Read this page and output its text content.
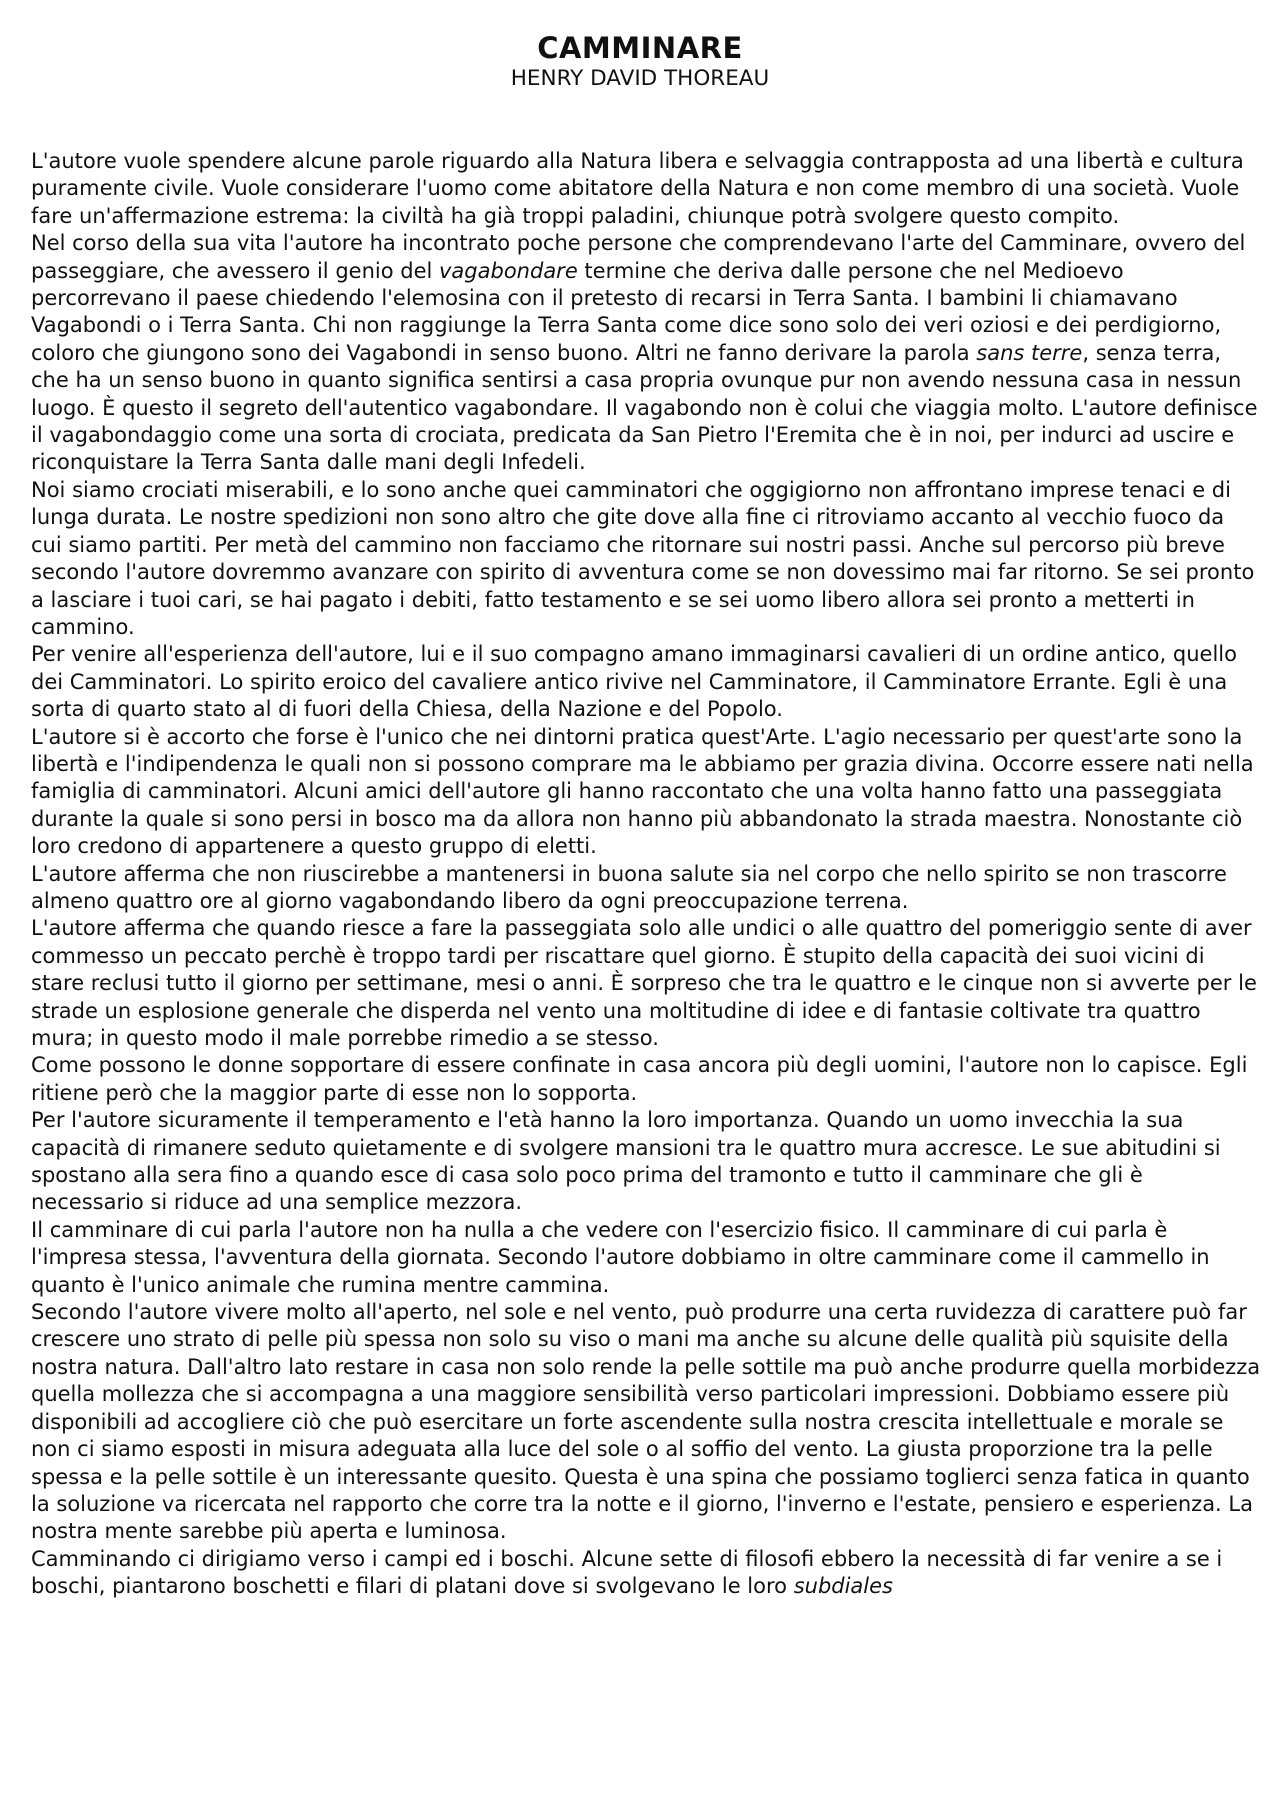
CAMMINARE
HENRY DAVID THOREAU

L'autore vuole spendere alcune parole riguardo alla Natura libera e selvaggia contrapposta ad una libertà e cultura puramente civile. Vuole considerare l'uomo come abitatore della Natura e non come membro di una società. Vuole fare un'affermazione estrema: la civiltà ha già troppi paladini, chiunque potrà svolgere questo compito.

Nel corso della sua vita l'autore ha incontrato poche persone che comprendevano l'arte del Camminare, ovvero del passeggiare, che avessero il genio del vagabondare termine che deriva dalle persone che nel Medioevo percorrevano il paese chiedendo l'elemosina con il pretesto di recarsi in Terra Santa. I bambini li chiamavano Vagabondi o i Terra Santa. Chi non raggiunge la Terra Santa come dice sono solo dei veri oziosi e dei perdigiorno, coloro che giungono sono dei Vagabondi in senso buono. Altri ne fanno derivare la parola sans terre, senza terra, che ha un senso buono in quanto significa sentirsi a casa propria ovunque pur non avendo nessuna casa in nessun luogo. È questo il segreto dell'autentico vagabondare. Il vagabondo non è colui che viaggia molto. L'autore definisce il vagabondaggio come una sorta di crociata, predicata da San Pietro l'Eremita che è in noi, per indurci ad uscire e riconquistare la Terra Santa dalle mani degli Infedeli.

Noi siamo crociati miserabili, e lo sono anche quei camminatori che oggigiorno non affrontano imprese tenaci e di lunga durata. Le nostre spedizioni non sono altro che gite dove alla fine ci ritroviamo accanto al vecchio fuoco da cui siamo partiti. Per metà del cammino non facciamo che ritornare sui nostri passi. Anche sul percorso più breve secondo l'autore dovremmo avanzare con spirito di avventura come se non dovessimo mai far ritorno. Se sei pronto a lasciare i tuoi cari, se hai pagato i debiti, fatto testamento e se sei uomo libero allora sei pronto a metterti in cammino.

Per venire all'esperienza dell'autore, lui e il suo compagno amano immaginarsi cavalieri di un ordine antico, quello dei Camminatori. Lo spirito eroico del cavaliere antico rivive nel Camminatore, il Camminatore Errante. Egli è una sorta di quarto stato al di fuori della Chiesa, della Nazione e del Popolo.

L'autore si è accorto che forse è l'unico che nei dintorni pratica quest'Arte. L'agio necessario per quest'arte sono la libertà e l'indipendenza le quali non si possono comprare ma le abbiamo per grazia divina. Occorre essere nati nella famiglia di camminatori. Alcuni amici dell'autore gli hanno raccontato che una volta hanno fatto una passeggiata durante la quale si sono persi in bosco ma da allora non hanno più abbandonato la strada maestra. Nonostante ciò loro credono di appartenere a questo gruppo di eletti.

L'autore afferma che non riuscirebbe a mantenersi in buona salute sia nel corpo che nello spirito se non trascorre almeno quattro ore al giorno vagabondando libero da ogni preoccupazione terrena.

L'autore afferma che quando riesce a fare la passeggiata solo alle undici o alle quattro del pomeriggio sente di aver commesso un peccato perchè è troppo tardi per riscattare quel giorno. È stupito della capacità dei suoi vicini di stare reclusi tutto il giorno per settimane, mesi o anni. È sorpreso che tra le quattro e le cinque non si avverte per le strade un esplosione generale che disperda nel vento una moltitudine di idee e di fantasie coltivate tra quattro mura; in questo modo il male porrebbe rimedio a se stesso.

Come possono le donne sopportare di essere confinate in casa ancora più degli uomini, l'autore non lo capisce. Egli ritiene però che la maggior parte di esse non lo sopporta.

Per l'autore sicuramente il temperamento e l'età hanno la loro importanza. Quando un uomo invecchia la sua capacità di rimanere seduto quietamente e di svolgere mansioni tra le quattro mura accresce. Le sue abitudini si spostano alla sera fino a quando esce di casa solo poco prima del tramonto e tutto il camminare che gli è necessario si riduce ad una semplice mezzora.

Il camminare di cui parla l'autore non ha nulla a che vedere con l'esercizio fisico. Il camminare di cui parla è l'impresa stessa, l'avventura della giornata. Secondo l'autore dobbiamo in oltre camminare come il cammello in quanto è l'unico animale che rumina mentre cammina.

Secondo l'autore vivere molto all'aperto, nel sole e nel vento, può produrre una certa ruvidezza di carattere può far crescere uno strato di pelle più spessa non solo su viso o mani ma anche su alcune delle qualità più squisite della nostra natura. Dall'altro lato restare in casa non solo rende la pelle sottile ma può anche produrre quella morbidezza quella mollezza che si accompagna a una maggiore sensibilità verso particolari impressioni. Dobbiamo essere più disponibili ad accogliere ciò che può esercitare un forte ascendente sulla nostra crescita intellettuale e morale se non ci siamo esposti in misura adeguata alla luce del sole o al soffio del vento. La giusta proporzione tra la pelle spessa e la pelle sottile è un interessante quesito. Questa è una spina che possiamo toglierci senza fatica in quanto la soluzione va ricercata nel rapporto che corre tra la notte e il giorno, l'inverno e l'estate, pensiero e esperienza. La nostra mente sarebbe più aperta e luminosa.

Camminando ci dirigiamo verso i campi ed i boschi. Alcune sette di filosofi ebbero la necessità di far venire a se i boschi, piantarono boschetti e filari di platani dove si svolgevano le loro subdiales
